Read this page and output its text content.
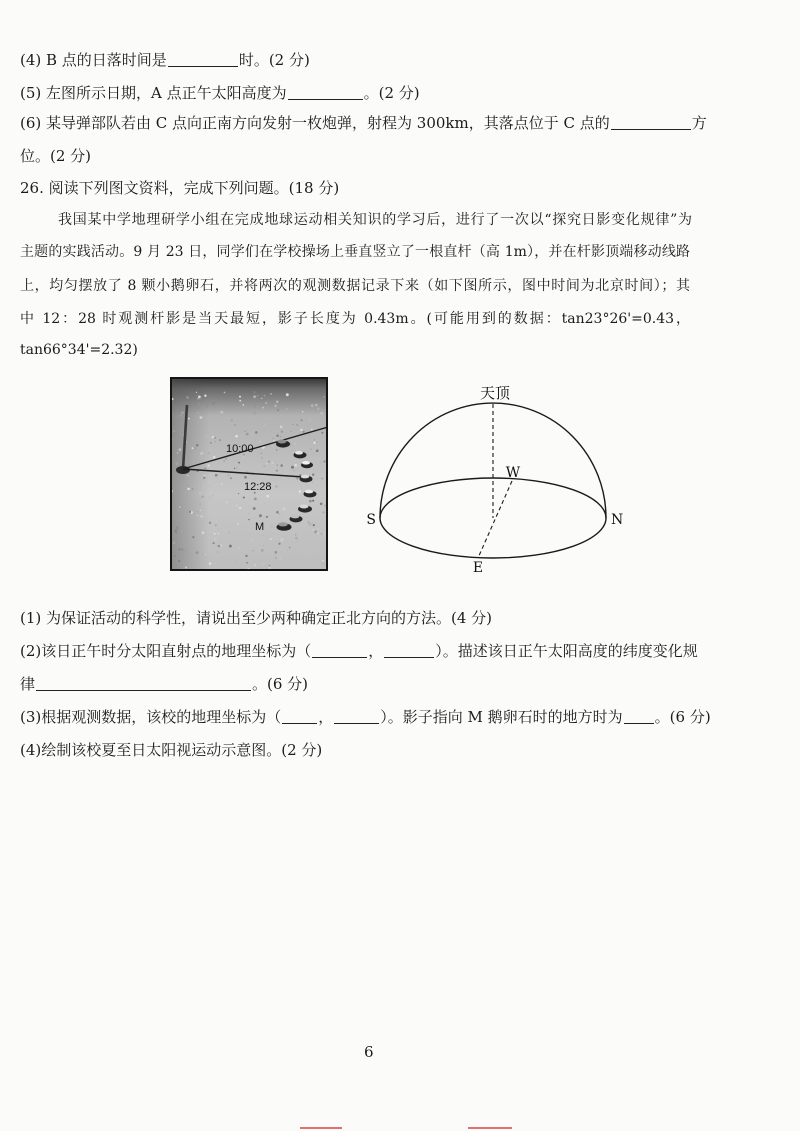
(4) B 点的日落时间是	时。(2 分)
(5) 左图所示日期，A 点正午太阳高度为	。(2 分)
(6) 某导弹部队若由 C 点向正南方向发射一枚炮弹，射程为 300km，其落点位于 C 点的	方
位。(2 分)
26. 阅读下列图文资料，完成下列问题。(18 分)
我国某中学地理研学小组在完成地球运动相关知识的学习后，进行了一次以“探究日影变化规律”为
主题的实践活动。9 月 23 日，同学们在学校操场上垂直竖立了一根直杆（高 1m），并在杆影顶端移动线路
上，均匀摆放了 8 颗小鹅卵石，并将两次的观测数据记录下来（如下图所示，图中时间为北京时间）；其
中 12：28 时观测杆影是当天最短，影子长度为 0.43m。(可能用到的数据：tan23°26'=0.43，
tan66°34'=2.32)
10:00
12:28
M
天顶
W
S	N
E
(1) 为保证活动的科学性，请说出至少两种确定正北方向的方法。(4 分)
(2)该日正午时分太阳直射点的地理坐标为（	，	）。描述该日正午太阳高度的纬度变化规
律	。(6 分)
(3)根据观测数据，该校的地理坐标为（ ，	）。影子指向 M 鹅卵石时的地方时为 。(6 分)
(4)绘制该校夏至日太阳视运动示意图。(2 分)
6
